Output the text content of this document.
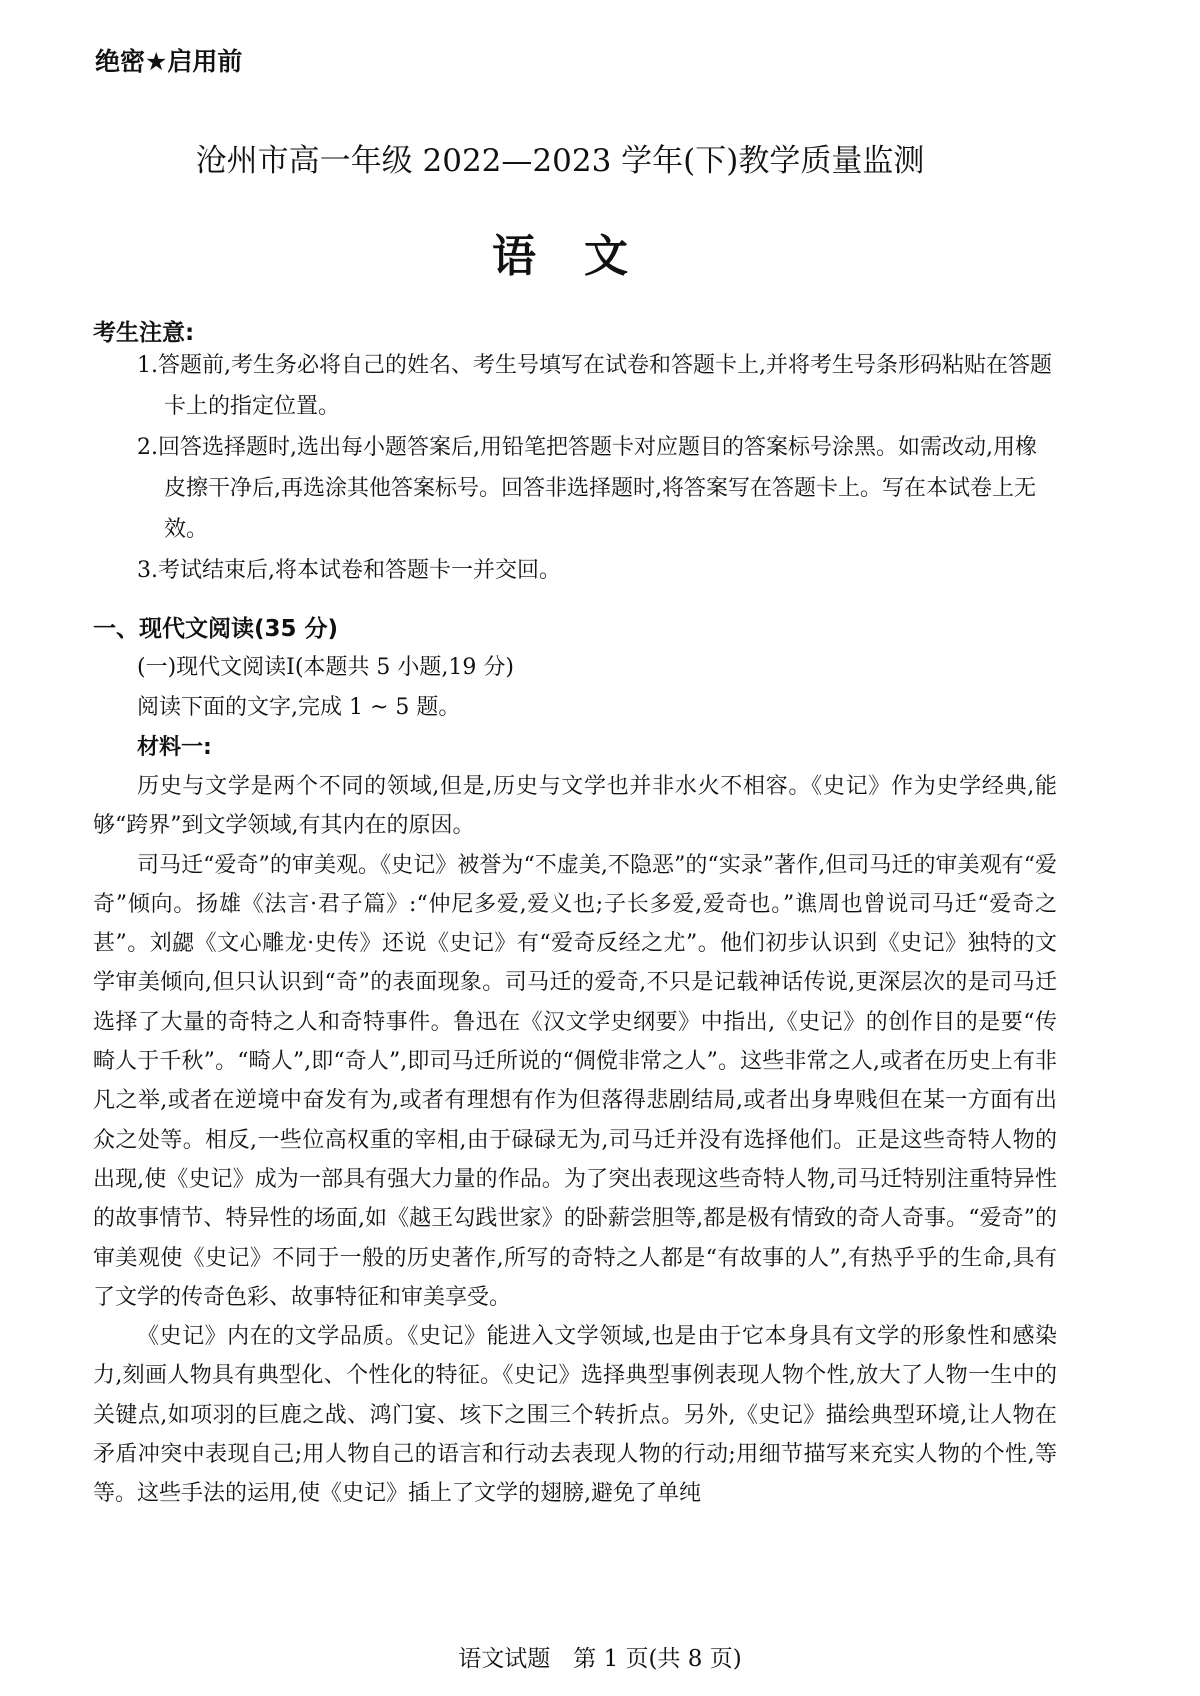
绝密★启用前
沧州市高一年级 2022—2023 学年(下)教学质量监测
语文
考生注意:
1.答题前,考生务必将自己的姓名、考生号填写在试卷和答题卡上,并将考生号条形码粘贴在答题卡上的指定位置。
2.回答选择题时,选出每小题答案后,用铅笔把答题卡对应题目的答案标号涂黑。如需改动,用橡皮擦干净后,再选涂其他答案标号。回答非选择题时,将答案写在答题卡上。写在本试卷上无效。
3.考试结束后,将本试卷和答题卡一并交回。
一、现代文阅读(35 分)
(一)现代文阅读Ⅰ(本题共 5 小题,19 分)
阅读下面的文字,完成 1 ~ 5 题。
材料一:

历史与文学是两个不同的领域,但是,历史与文学也并非水火不相容。《史记》作为史学经典,能够“跨界”到文学领域,有其内在的原因。

司马迁“爱奇”的审美观。《史记》被誉为“不虚美,不隐恶”的“实录”著作,但司马迁的审美观有“爱奇”倾向。扬雄《法言·君子篇》:“仲尼多爱,爱义也;子长多爱,爱奇也。”谯周也曾说司马迁“爱奇之甚”。刘勰《文心雕龙·史传》还说《史记》有“爱奇反经之尤”。他们初步认识到《史记》独特的文学审美倾向,但只认识到“奇”的表面现象。司马迁的爱奇,不只是记载神话传说,更深层次的是司马迁选择了大量的奇特之人和奇特事件。鲁迅在《汉文学史纲要》中指出,《史记》的创作目的是要“传畸人于千秋”。“畸人”,即“奇人”,即司马迁所说的“倜傥非常之人”。这些非常之人,或者在历史上有非凡之举,或者在逆境中奋发有为,或者有理想有作为但落得悲剧结局,或者出身卑贱但在某一方面有出众之处等。相反,一些位高权重的宰相,由于碌碌无为,司马迁并没有选择他们。正是这些奇特人物的出现,使《史记》成为一部具有强大力量的作品。为了突出表现这些奇特人物,司马迁特别注重特异性的故事情节、特异性的场面,如《越王勾践世家》的卧薪尝胆等,都是极有情致的奇人奇事。“爱奇”的审美观使《史记》不同于一般的历史著作,所写的奇特之人都是“有故事的人”,有热乎乎的生命,具有了文学的传奇色彩、故事特征和审美享受。

《史记》内在的文学品质。《史记》能进入文学领域,也是由于它本身具有文学的形象性和感染力,刻画人物具有典型化、个性化的特征。《史记》选择典型事例表现人物个性,放大了人物一生中的关键点,如项羽的巨鹿之战、鸿门宴、垓下之围三个转折点。另外,《史记》描绘典型环境,让人物在矛盾冲突中表现自己;用人物自己的语言和行动去表现人物的行动;用细节描写来充实人物的个性,等等。这些手法的运用,使《史记》插上了文学的翅膀,避免了单纯

语文试题　第 1 页(共 8 页)
